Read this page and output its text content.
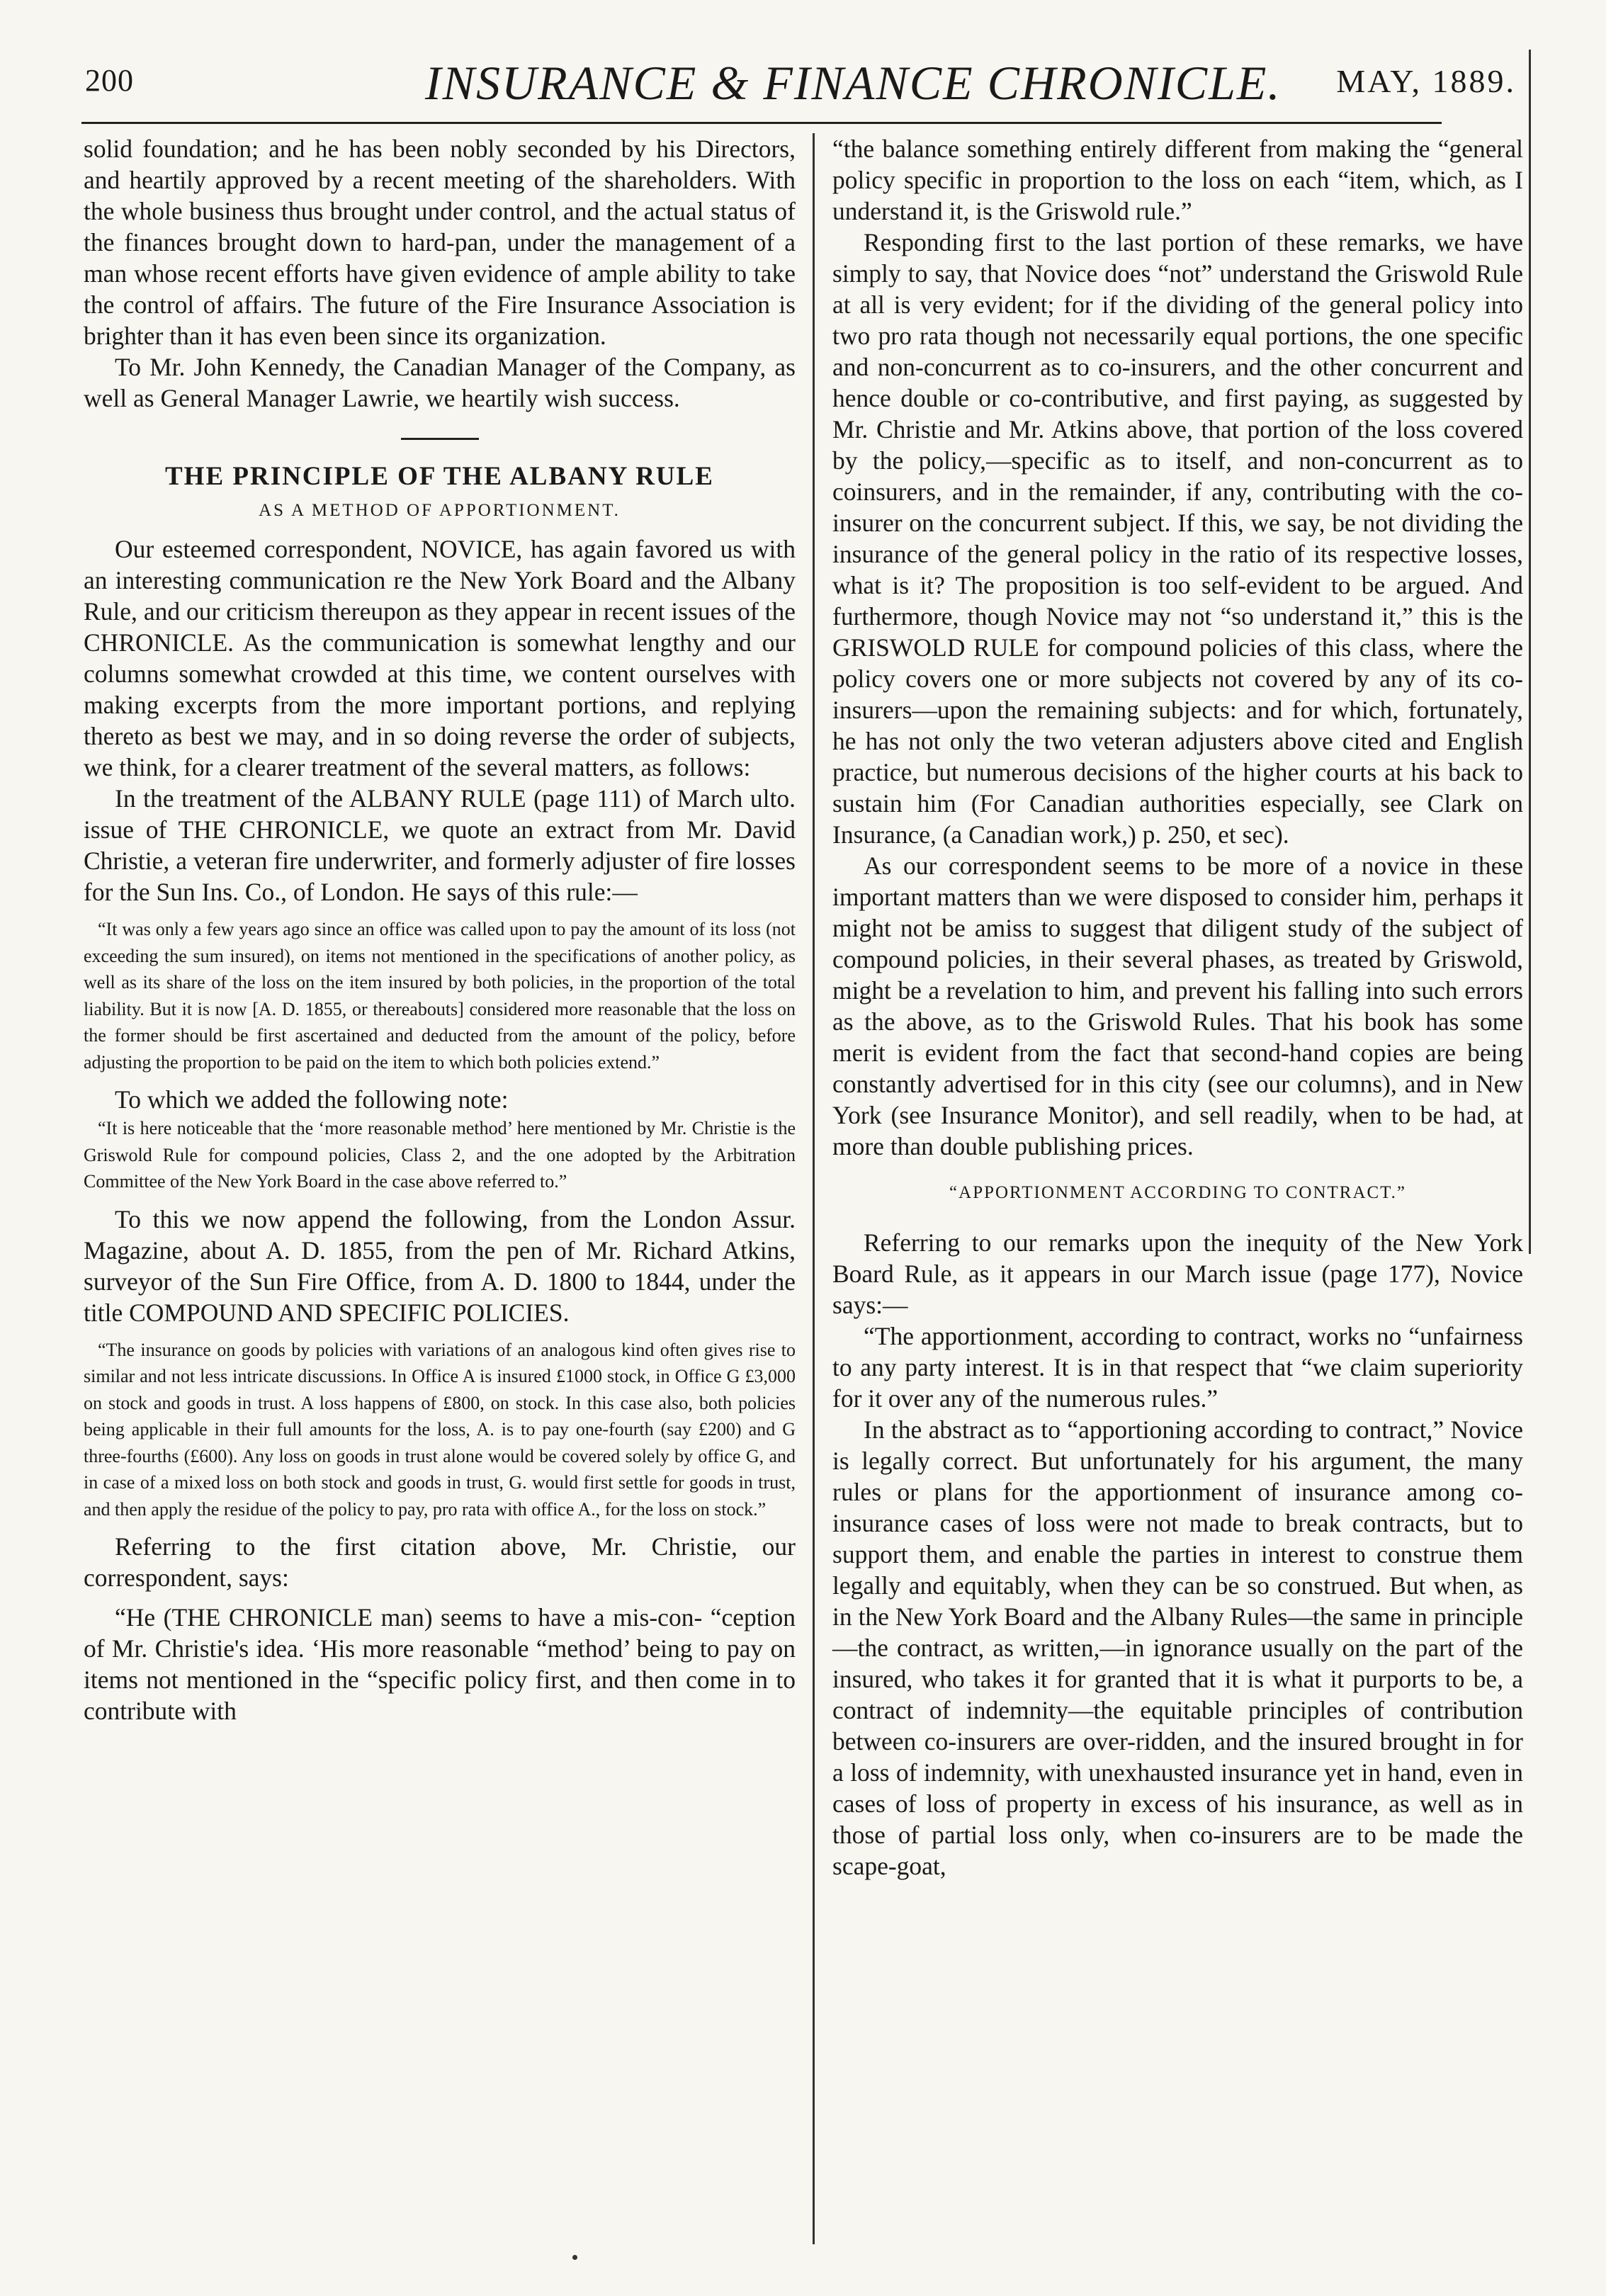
200	INSURANCE & FINANCE CHRONICLE. MAY, 1889.

solid foundation; and he has been nobly seconded by his Directors, and heartily approved by a recent meeting of the shareholders. With the whole business thus brought under control, and the actual status of the finances brought down to hard-pan, under the management of a man whose recent efforts have given evidence of ample ability to take the control of affairs. The future of the Fire Insurance Association is brighter than it has even been since its organization.

To Mr. John Kennedy, the Canadian Manager of the Company, as well as General Manager Lawrie, we heartily wish success.

THE PRINCIPLE OF THE ALBANY RULE
AS A METHOD OF APPORTIONMENT.

Our esteemed correspondent, NOVICE, has again favored us with an interesting communication re the New York Board and the Albany Rule, and our criticism thereupon as they appear in recent issues of the CHRONICLE. As the communication is somewhat lengthy and our columns somewhat crowded at this time, we content ourselves with making excerpts from the more important portions, and replying thereto as best we may, and in so doing reverse the order of subjects, we think, for a clearer treatment of the several matters, as follows:

In the treatment of the ALBANY RULE (page 111) of March ulto. issue of THE CHRONICLE, we quote an extract from Mr. David Christie, a veteran fire underwriter, and formerly adjuster of fire losses for the Sun Ins. Co., of London. He says of this rule:—

“It was only a few years ago since an office was called upon to pay the amount of its loss (not exceeding the sum insured), on items not mentioned in the specifications of another policy, as well as its share of the loss on the item insured by both policies, in the proportion of the total liability. But it is now [A. D. 1855, or thereabouts] considered more reasonable that the loss on the former should be first ascertained and deducted from the amount of the policy, before adjusting the proportion to be paid on the item to which both policies extend.”

To which we added the following note:

“It is here noticeable that the ‘more reasonable method’ here mentioned by Mr. Christie is the Griswold Rule for compound policies, Class 2, and the one adopted by the Arbitration Committee of the New York Board in the case above referred to.”

To this we now append the following, from the London Assur. Magazine, about A. D. 1855, from the pen of Mr. Richard Atkins, surveyor of the Sun Fire Office, from A. D. 1800 to 1844, under the title COMPOUND AND SPECIFIC POLICIES.

“The insurance on goods by policies with variations of an analogous kind often gives rise to similar and not less intricate discussions. In Office A is insured £1000 stock, in Office G £3,000 on stock and goods in trust. A loss happens of £800, on stock. In this case also, both policies being applicable in their full amounts for the loss, A. is to pay one-fourth (say £200) and G three-fourths (£600). Any loss on goods in trust alone would be covered solely by office G, and in case of a mixed loss on both stock and goods in trust, G. would first settle for goods in trust, and then apply the residue of the policy to pay, pro rata with office A., for the loss on stock.”

Referring to the first citation above, Mr. Christie, our correspondent, says:

“He (THE CHRONICLE man) seems to have a mis-con- “ception of Mr. Christie's idea. ‘His more reasonable “method’ being to pay on items not mentioned in the “specific policy first, and then come in to contribute with

“the balance something entirely different from making the “general policy specific in proportion to the loss on each “item, which, as I understand it, is the Griswold rule.”

Responding first to the last portion of these remarks, we have simply to say, that Novice does “not” understand the Griswold Rule at all is very evident; for if the dividing of the general policy into two pro rata though not necessarily equal portions, the one specific and non-concurrent as to co-insurers, and the other concurrent and hence double or co-contributive, and first paying, as suggested by Mr. Christie and Mr. Atkins above, that portion of the loss covered by the policy,—specific as to itself, and non-concurrent as to coinsurers, and in the remainder, if any, contributing with the co-insurer on the concurrent subject. If this, we say, be not dividing the insurance of the general policy in the ratio of its respective losses, what is it? The proposition is too self-evident to be argued. And furthermore, though Novice may not “so understand it,” this is the GRISWOLD RULE for compound policies of this class, where the policy covers one or more subjects not covered by any of its co-insurers—upon the remaining subjects: and for which, fortunately, he has not only the two veteran adjusters above cited and English practice, but numerous decisions of the higher courts at his back to sustain him (For Canadian authorities especially, see Clark on Insurance, (a Canadian work,) p. 250, et sec).

As our correspondent seems to be more of a novice in these important matters than we were disposed to consider him, perhaps it might not be amiss to suggest that diligent study of the subject of compound policies, in their several phases, as treated by Griswold, might be a revelation to him, and prevent his falling into such errors as the above, as to the Griswold Rules. That his book has some merit is evident from the fact that second-hand copies are being constantly advertised for in this city (see our columns), and in New York (see Insurance Monitor), and sell readily, when to be had, at more than double publishing prices.

“APPORTIONMENT ACCORDING TO CONTRACT.”

Referring to our remarks upon the inequity of the New York Board Rule, as it appears in our March issue (page 177), Novice says:—

“The apportionment, according to contract, works no “unfairness to any party interest. It is in that respect that “we claim superiority for it over any of the numerous rules.”

In the abstract as to “apportioning according to contract,” Novice is legally correct. But unfortunately for his argument, the many rules or plans for the apportionment of insurance among co-insurance cases of loss were not made to break contracts, but to support them, and enable the parties in interest to construe them legally and equitably, when they can be so construed. But when, as in the New York Board and the Albany Rules—the same in principle—the contract, as written,—in ignorance usually on the part of the insured, who takes it for granted that it is what it purports to be, a contract of indemnity—the equitable principles of contribution between co-insurers are over-ridden, and the insured brought in for a loss of indemnity, with unexhausted insurance yet in hand, even in cases of loss of property in excess of his insurance, as well as in those of partial loss only, when co-insurers are to be made the scape-goat,
